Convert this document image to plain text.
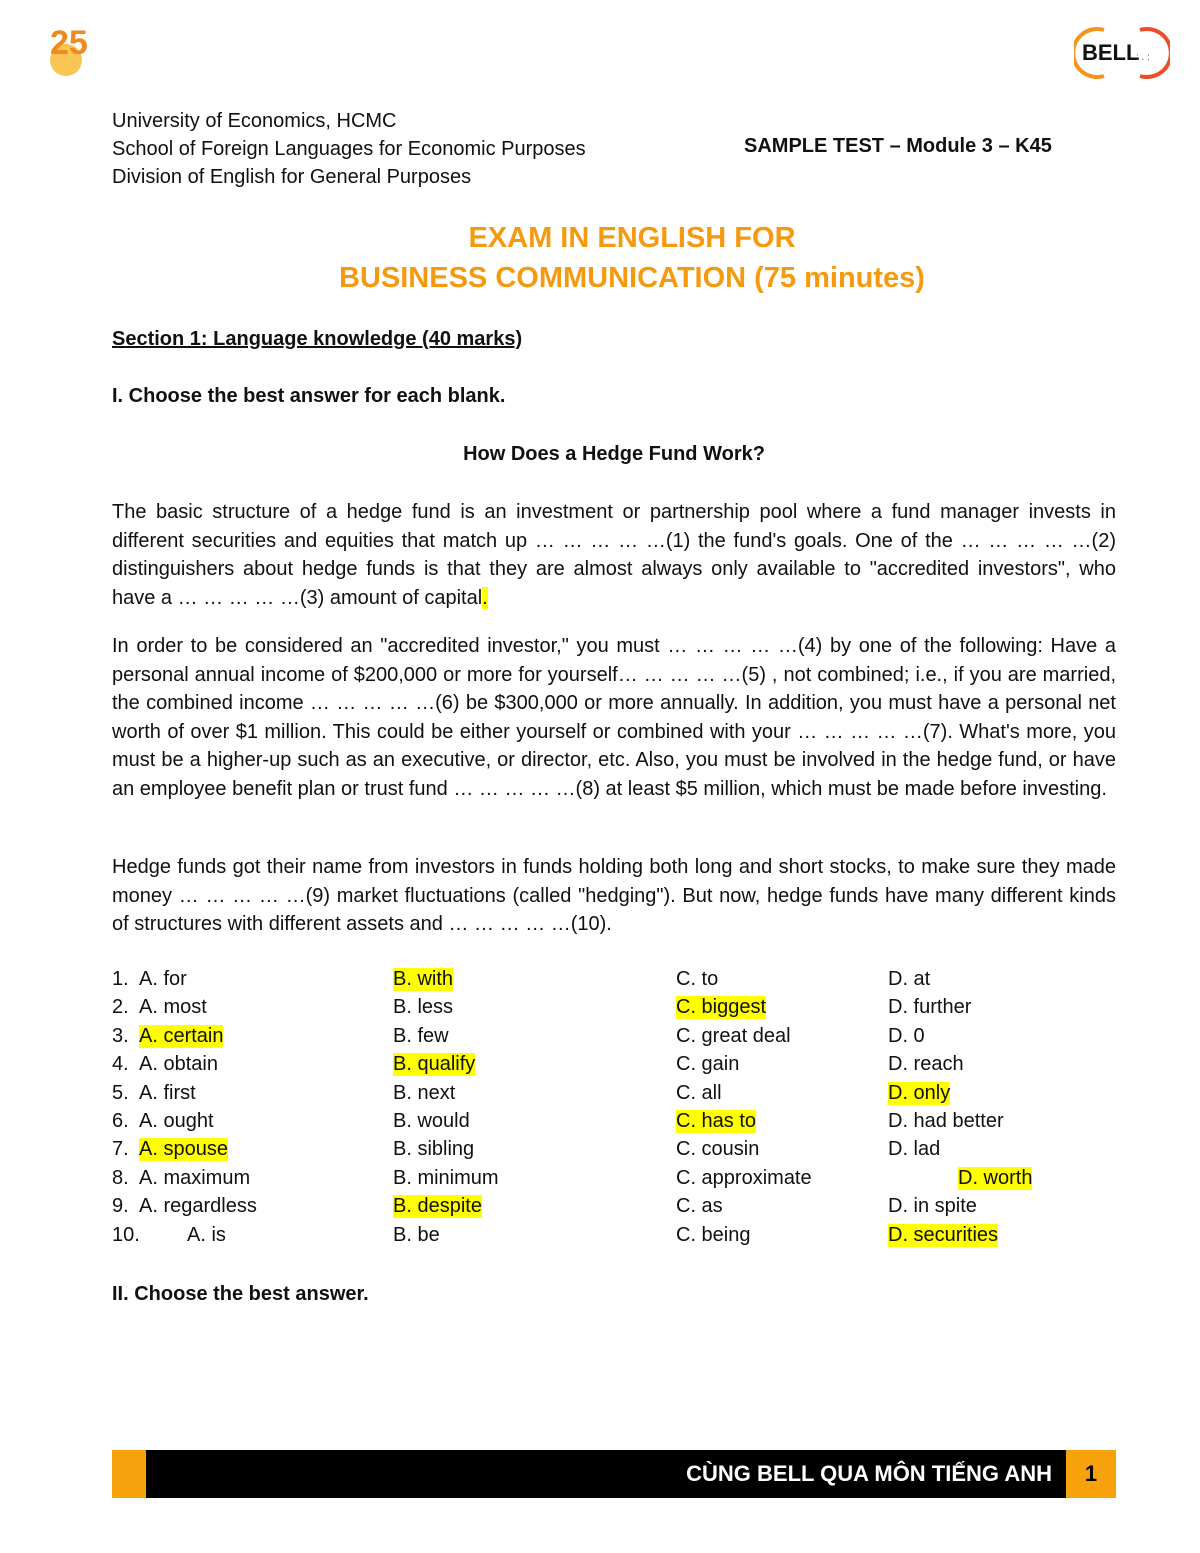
25	BELL
: . :
University of Economics, HCMC
School of Foreign Languages for Economic Purposes
Division of English for General Purposes
SAMPLE TEST – Module 3 – K45
EXAM IN ENGLISH FOR
BUSINESS COMMUNICATION (75 minutes)
Section 1: Language knowledge (40 marks)
I. Choose the best answer for each blank.
How Does a Hedge Fund Work?
The basic structure of a hedge fund is an investment or partnership pool where a fund manager invests in different securities and equities that match up … … … … …(1) the fund's goals. One of the … … … … …(2) distinguishers about hedge funds is that they are almost always only available to "accredited investors", who have a … … … … …(3) amount of capital.
In order to be considered an "accredited investor," you must … … … … …(4) by one of the following: Have a personal annual income of $200,000 or more for yourself… … … … …(5) , not combined; i.e., if you are married, the combined income … … … … …(6) be $300,000 or more annually. In addition, you must have a personal net worth of over $1 million. This could be either yourself or combined with your … … … … …(7). What's more, you must be a higher-up such as an executive, or director, etc. Also, you must be involved in the hedge fund, or have an employee benefit plan or trust fund … … … … …(8) at least $5 million, which must be made before investing.
Hedge funds got their name from investors in funds holding both long and short stocks, to make sure they made money … … … … …(9) market fluctuations (called "hedging"). But now, hedge funds have many different kinds of structures with different assets and … … … … …(10).
1. A. for	B. with	C. to	D. at
2. A. most	B. less	C. biggest	D. further
3. A. certain	B. few	C. great deal	D. 0
4. A. obtain	B. qualify	C. gain	D. reach
5. A. first	B. next	C. all	D. only
6. A. ought	B. would	C. has to	D. had better
7. A. spouse	B. sibling	C. cousin	D. lad
8. A. maximum	B. minimum	C. approximate	D. worth
9. A. regardless	B. despite	C. as	D. in spite
10. A. is	B. be	C. being	D. securities
II. Choose the best answer.
CÙNG BELL QUA MÔN TIẾNG ANH	1
